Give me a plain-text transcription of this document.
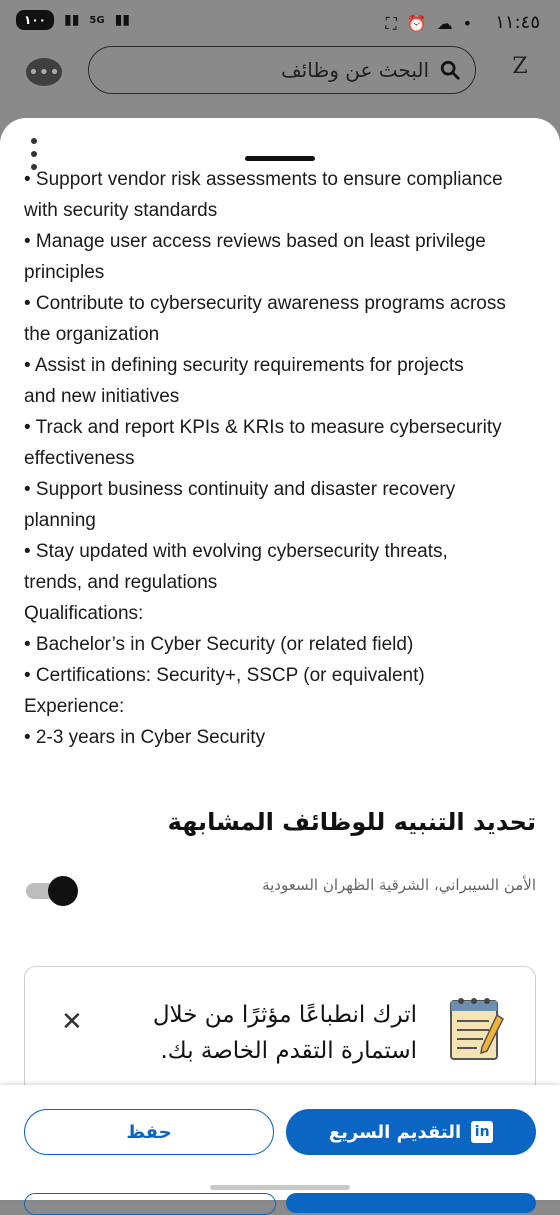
١٠٠ ▮▮ 5G ▮▮	⛶ ⏰ ☁ • ١١:٤٥
•••	البحث عن وظائف	Z

• Support vendor risk assessments to ensure compliance

with security standards

• Manage user access reviews based on least privilege

principles

• Contribute to cybersecurity awareness programs across

the organization

• Assist in defining security requirements for projects

and new initiatives

• Track and report KPIs & KRIs to measure cybersecurity

effectiveness

• Support business continuity and disaster recovery

planning

• Stay updated with evolving cybersecurity threats,

trends, and regulations

Qualifications:

• Bachelor’s in Cyber Security (or related field)

• Certifications: Security+, SSCP (or equivalent)

Experience:

• 2-3 years in Cyber Security

تحديد التنبيه للوظائف المشابهة
الأمن السيبراني، الشرقية الظهران السعودية
✕	اترك انطباعًا مؤثرًا من خلال استمارة التقدم الخاصة بك.
in
التقديم السريع
حفظ
